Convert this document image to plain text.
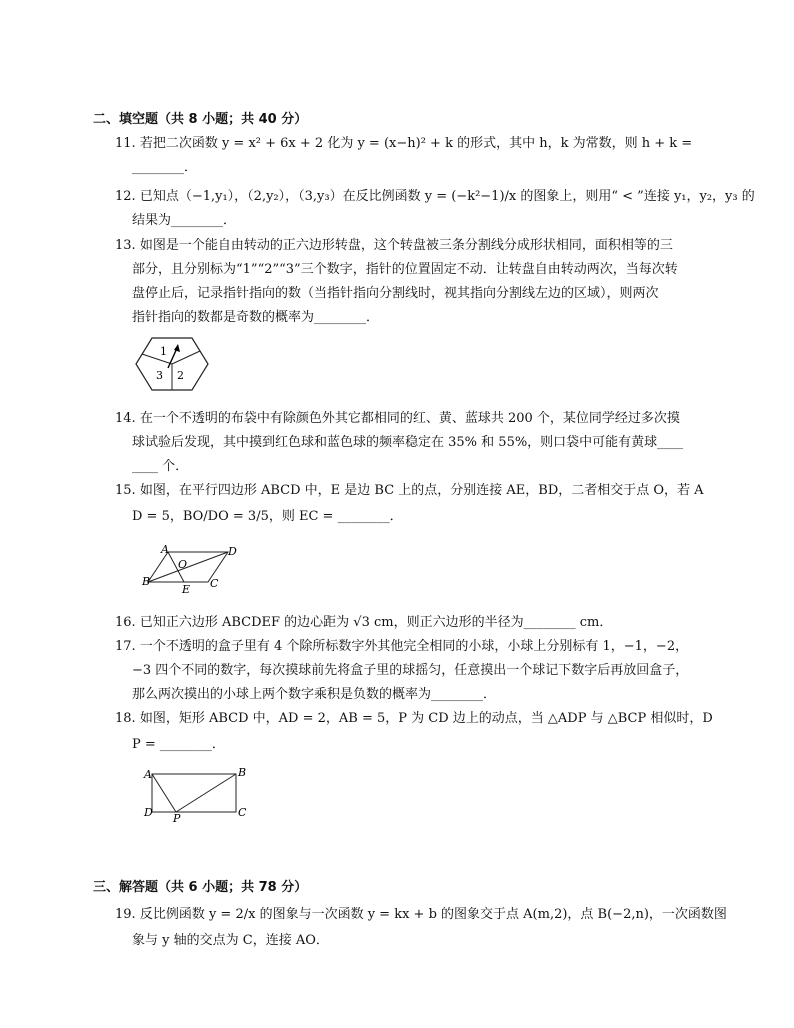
二、填空题（共 8 小题；共 40 分）
11. 若把二次函数 y = x² + 6x + 2 化为 y = (x−h)² + k 的形式，其中 h，k 为常数，则 h + k =
________．
12. 已知点（−1,y₁），（2,y₂），（3,y₃）在反比例函数 y = (−k²−1)/x 的图象上，则用“ < ”连接 y₁，y₂，y₃ 的
结果为________．
13. 如图是一个能自由转动的正六边形转盘，这个转盘被三条分割线分成形状相同，面积相等的三
部分，且分别标为“1”“2”“3”三个数字，指针的位置固定不动．让转盘自由转动两次，当每次转
盘停止后，记录指针指向的数（当指针指向分割线时，视其指向分割线左边的区域），则两次
指针指向的数都是奇数的概率为________．
1
2
3
14. 在一个不透明的布袋中有除颜色外其它都相同的红、黄、蓝球共 200 个，某位同学经过多次摸
球试验后发现，其中摸到红色球和蓝色球的频率稳定在 35% 和 55%，则口袋中可能有黄球____
____ 个．
15. 如图，在平行四边形 ABCD 中，E 是边 BC 上的点，分别连接 AE，BD，二者相交于点 O，若 A
D = 5，BO/DO = 3/5，则 EC = ________．
A	D
B	C
E
O
16. 已知正六边形 ABCDEF 的边心距为 √3 cm，则正六边形的半径为________ cm．
17. 一个不透明的盒子里有 4 个除所标数字外其他完全相同的小球，小球上分别标有 1，−1，−2，
−3 四个不同的数字，每次摸球前先将盒子里的球摇匀，任意摸出一个球记下数字后再放回盒子，
那么两次摸出的小球上两个数字乘积是负数的概率为________．
18. 如图，矩形 ABCD 中，AD = 2，AB = 5，P 为 CD 边上的动点，当 △ADP 与 △BCP 相似时，D
P = ________．
A	B
D	C
P
三、解答题（共 6 小题；共 78 分）
19. 反比例函数 y = 2/x 的图象与一次函数 y = kx + b 的图象交于点 A(m,2)，点 B(−2,n)，一次函数图
象与 y 轴的交点为 C，连接 AO．
